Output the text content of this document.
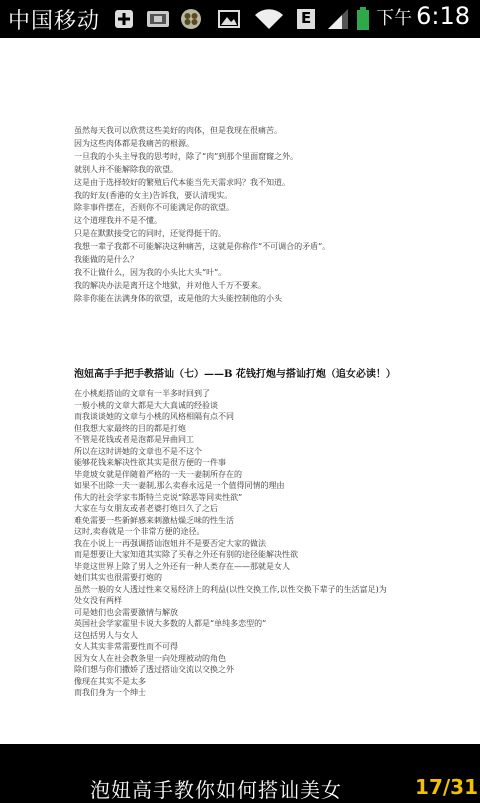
中国移动	E	下午 6:18
虽然每天我可以欣赏这些美好的肉体，但是我现在很痛苦。
因为这些肉体都是我痛苦的根源。
一旦我的小头主导我的思考时，除了“肉”到那个里面窟窿之外。
就别人并不能解除我的欲望。
这是由于选择较好的繁殖后代本能当先天需求吗？我不知道。
我的好友(香港的女主)告诉我，要认清现实。
除非事件摆在，否则你不可能满足你的欲望。
这个道理我并不是不懂。
只是在默默接受它的同时，还觉得挺干的。
我想一辈子我都不可能解决这种痛苦，这就是你称作“不可调合的矛盾”。
我能做的是什么？
我不让做什么，因为我的小头比大头“叶”。
我的解决办法是离开这个地狱，并对他人千万不要来。
除非你能在法满身体的欲望，或是他的大头能控制他的小头
泡妞高手手把手教搭讪（七）——B 花钱打炮与搭讪打炮（追女必读！）
在小桃彪搭讪的文章有一半多时回到了
一般小桃的文章大都是大大真诚的经验谈
而我谈谈她的文章与小桃的风格相隔有点不同
但我想大家最终的目的都是打炮
不管是花钱或者是泡都是异曲同工
所以在这时讲她的文章也不是不这个
能够花钱来解决性欲其实是很方便的一件事
毕竟坡女就是伴随着严格的一夫一妻制所存在的
如果不出除一夫一妻制,那么卖春永远是一个值得同情的理由
伟大的社会学家韦斯特兰克说“除恶等同卖性欲”
大家在与女朋友或者老婆打炮日久了之后
难免需要一些新鲜感来刺激枯燥乏味的性生活
这时,卖春就是一个非常方便的途径。
我在小说上一再强调搭讪泡妞并不是要否定大家的做法
而是想要让大家知道其实除了买春之外还有别的途径能解决性欲
毕竟这世界上除了男人之外还有一种人类存在——那就是女人
她们其实也很需要打炮的
虽然一般的女人透过性来交易经济上的利益(以性交换工作,以性交换下辈子的生活富足)为
处女没有两样
可是她们也会需要激情与解放
英国社会学家霍里卡说大多数的人都是“单纯多恋型的”
这包括男人与女人
女人其实非常需要性而不可得
因为女人在社会教条里一向处理被动的角色
除们想与你们撒娇了透过搭讪交流以交换之外
像现在其实不是太多
而我们身为一个绅士
泡妞高手教你如何搭讪美女	17/31
